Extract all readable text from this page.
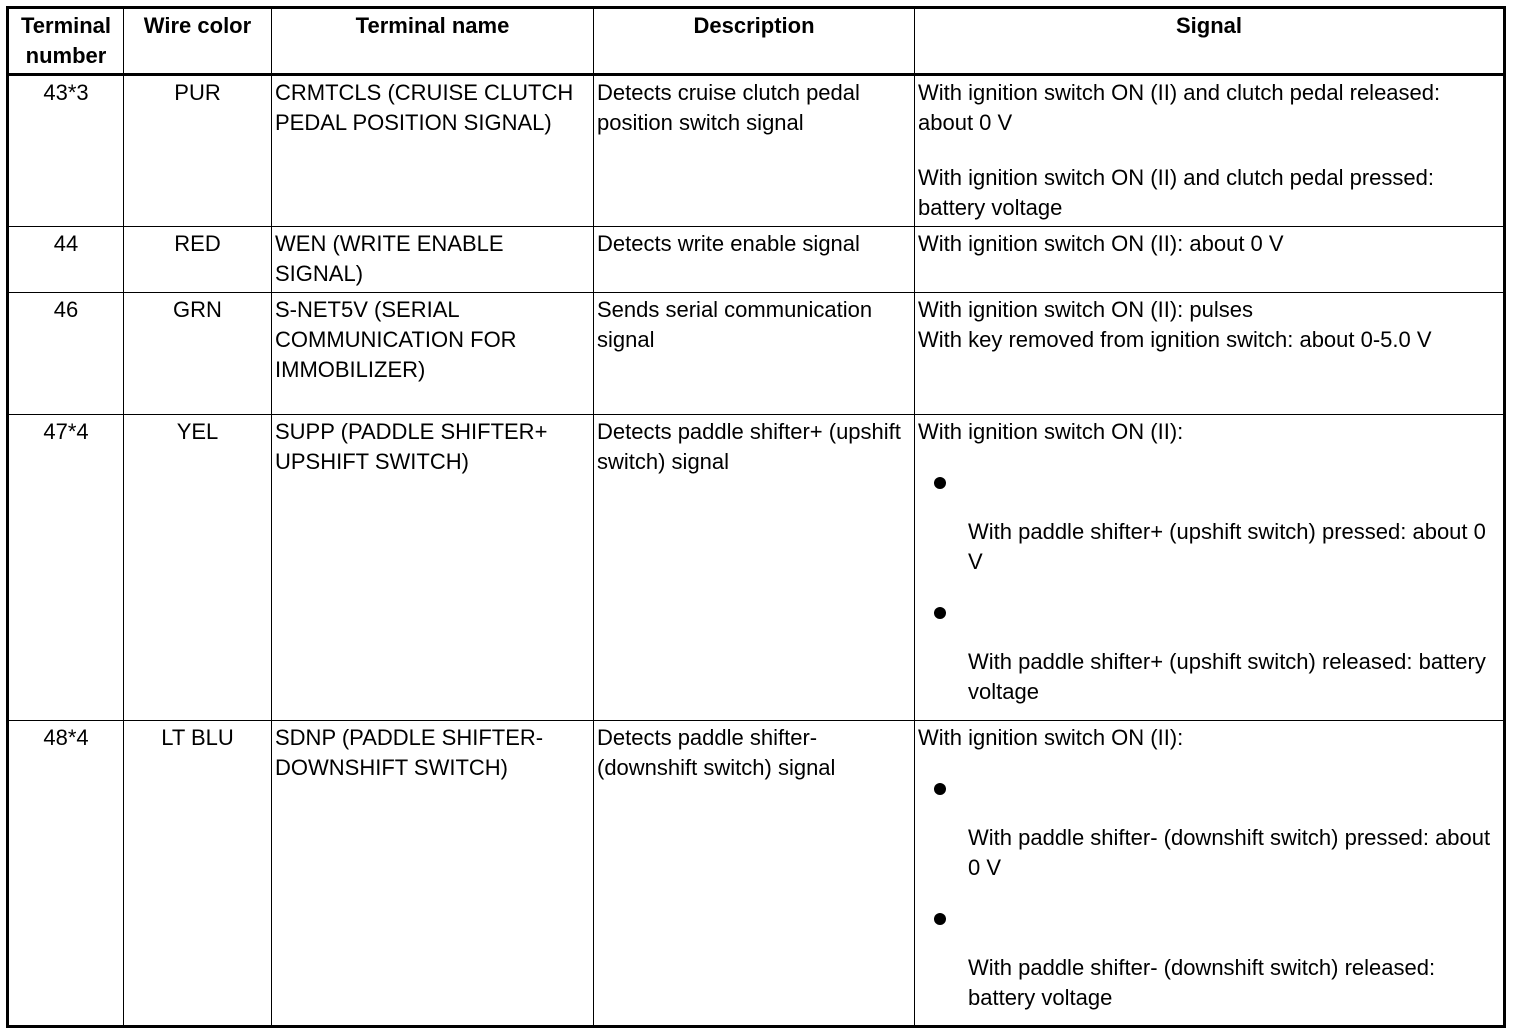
Terminal number	Wire color	Terminal name	Description	Signal
43*3	PUR	CRMTCLS (CRUISE CLUTCH PEDAL POSITION SIGNAL)	Detects cruise clutch pedal position switch signal	With ignition switch ON (II) and clutch pedal released: about 0 V
With ignition switch ON (II) and clutch pedal pressed: battery voltage

44	RED	WEN (WRITE ENABLE SIGNAL)	Detects write enable signal	With ignition switch ON (II): about 0 V

46	GRN	S-NET5V (SERIAL COMMUNICATION FOR IMMOBILIZER)	Sends serial communication signal	With ignition switch ON (II): pulses
With key removed from ignition switch: about 0-5.0 V

47*4	YEL	SUPP (PADDLE SHIFTER+ UPSHIFT SWITCH)	Detects paddle shifter+ (upshift switch) signal	With ignition switch ON (II):
With paddle shifter+ (upshift switch) pressed: about 0 V
With paddle shifter+ (upshift switch) released: battery voltage

48*4	LT BLU	SDNP (PADDLE SHIFTER- DOWNSHIFT SWITCH)	Detects paddle shifter- (downshift switch) signal	With ignition switch ON (II):
With paddle shifter- (downshift switch) pressed: about 0 V
With paddle shifter- (downshift switch) released: battery voltage
